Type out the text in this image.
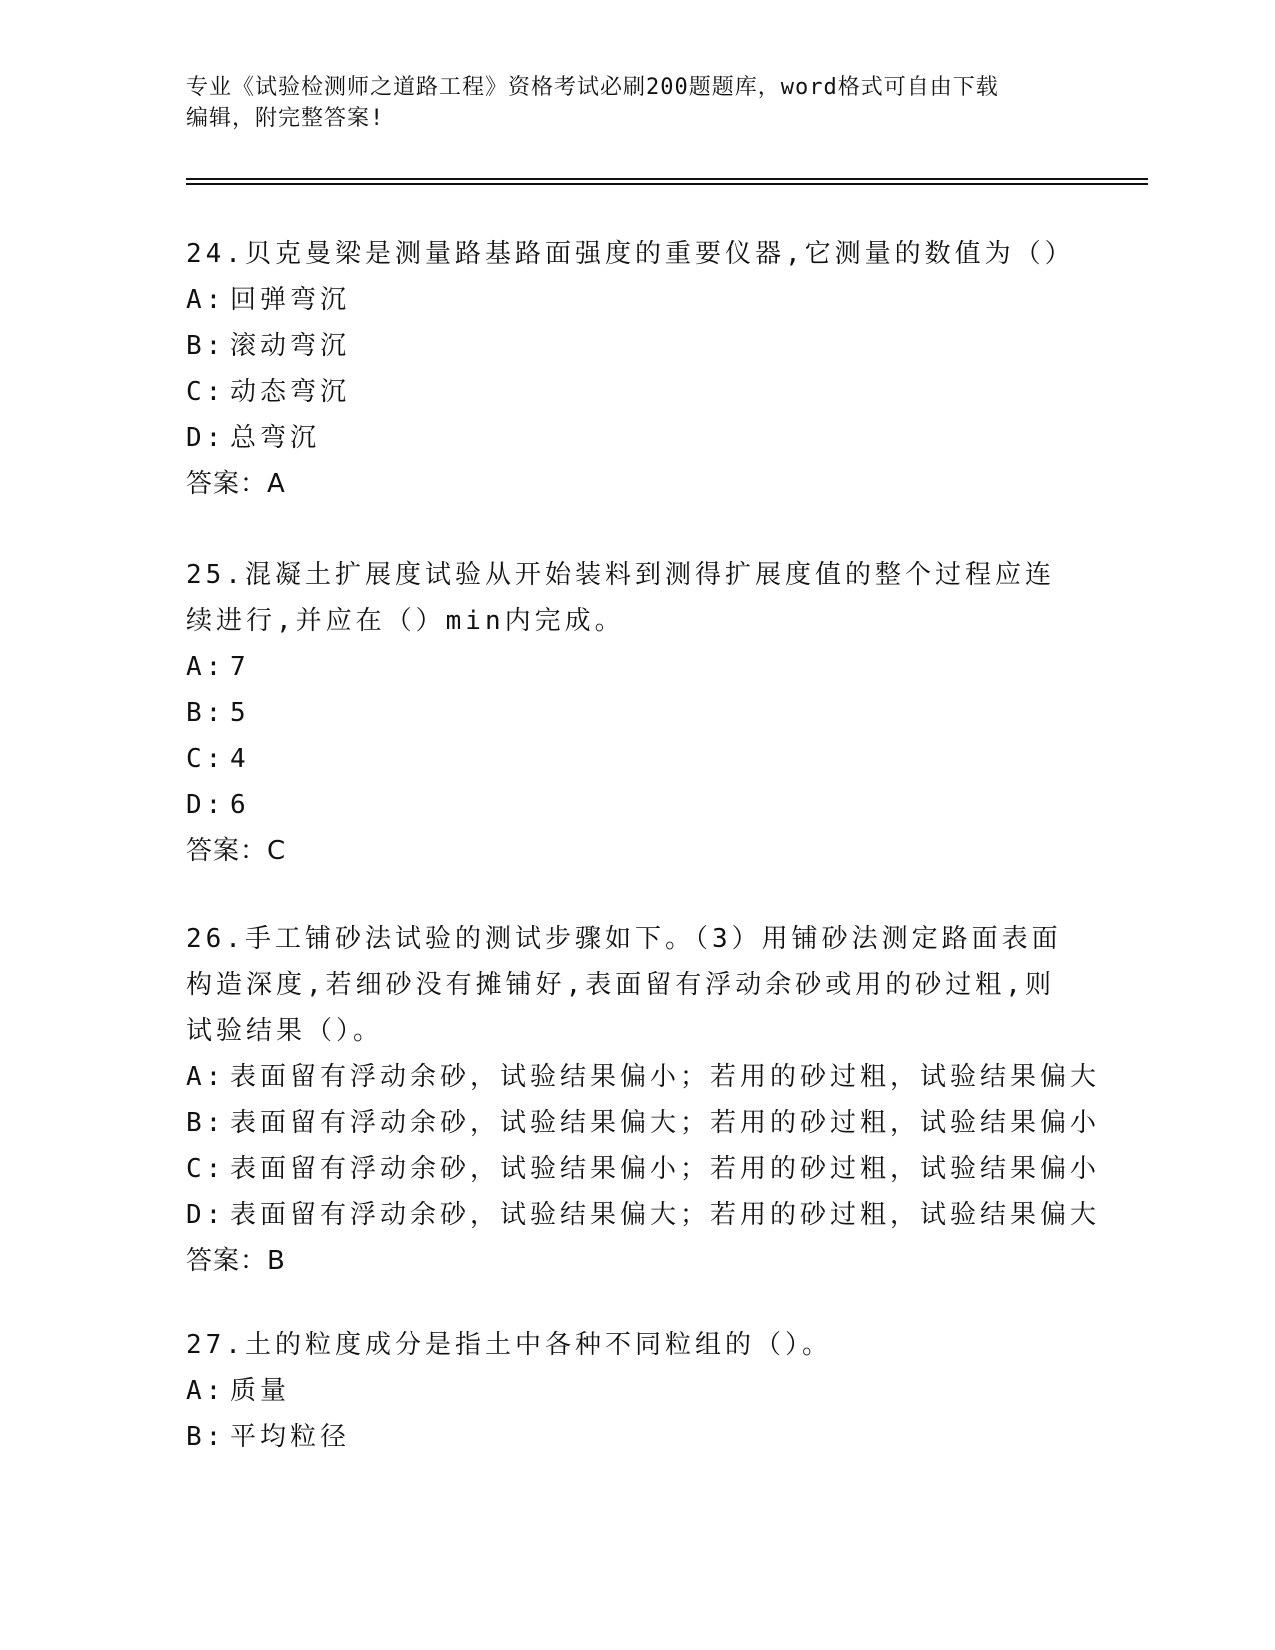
专业《试验检测师之道路工程》资格考试必刷200题题库，word格式可自由下载
编辑，附完整答案!

24.贝克曼梁是测量路基路面强度的重要仪器,它测量的数值为（）

A: 回弹弯沉

B: 滚动弯沉

C: 动态弯沉

D: 总弯沉

答案：A

25.混凝土扩展度试验从开始装料到测得扩展度值的整个过程应连续进行,并应在（）min内完成。

A: 7

B: 5

C: 4

D: 6

答案：C

26.手工铺砂法试验的测试步骤如下。（3）用铺砂法测定路面表面构造深度,若细砂没有摊铺好,表面留有浮动余砂或用的砂过粗,则试验结果（）。

A: 表面留有浮动余砂，试验结果偏小；若用的砂过粗，试验结果偏大

B: 表面留有浮动余砂，试验结果偏大；若用的砂过粗，试验结果偏小

C: 表面留有浮动余砂，试验结果偏小；若用的砂过粗，试验结果偏小

D: 表面留有浮动余砂，试验结果偏大；若用的砂过粗，试验结果偏大

答案：B

27.土的粒度成分是指土中各种不同粒组的（）。

A: 质量

B: 平均粒径
